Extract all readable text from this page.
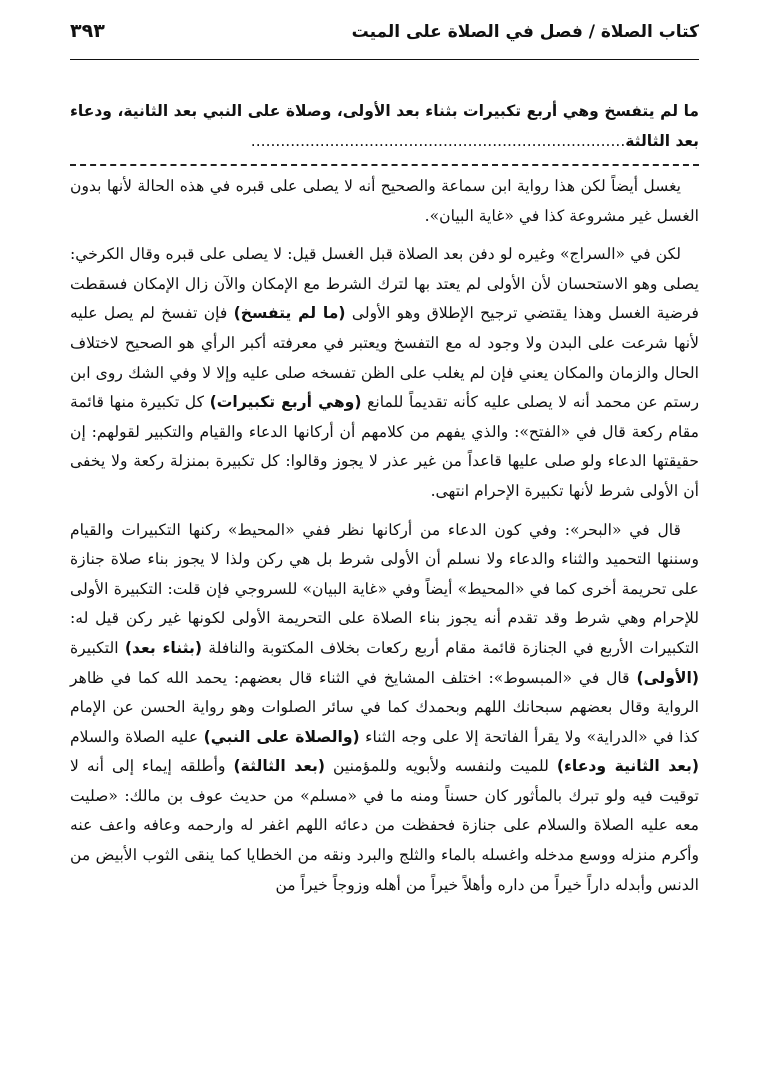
كتاب الصلاة / فصل في الصلاة على الميت
٣٩٣
ما لم يتفسخ وهي أربع تكبيرات بثناء بعد الأولى، وصلاة على النبي بعد الثانية، ودعاء بعد الثالثة............................................................................

يغسل أيضاً لكن هذا رواية ابن سماعة والصحيح أنه لا يصلى على قبره في هذه الحالة لأنها بدون الغسل غير مشروعة كذا في «غاية البيان».

لكن في «السراج» وغيره لو دفن بعد الصلاة قبل الغسل قيل: لا يصلى على قبره وقال الكرخي: يصلى وهو الاستحسان لأن الأولى لم يعتد بها لترك الشرط مع الإمكان والآن زال الإمكان فسقطت فرضية الغسل وهذا يقتضي ترجيح الإطلاق وهو الأولى (ما لم يتفسخ) فإن تفسخ لم يصل عليه لأنها شرعت على البدن ولا وجود له مع التفسخ ويعتبر في معرفته أكبر الرأي هو الصحيح لاختلاف الحال والزمان والمكان يعني فإن لم يغلب على الظن تفسخه صلى عليه وإلا لا وفي الشك روى ابن رستم عن محمد أنه لا يصلى عليه كأنه تقديماً للمانع (وهي أربع تكبيرات) كل تكبيرة منها قائمة مقام ركعة قال في «الفتح»: والذي يفهم من كلامهم أن أركانها الدعاء والقيام والتكبير لقولهم: إن حقيقتها الدعاء ولو صلى عليها قاعداً من غير عذر لا يجوز وقالوا: كل تكبيرة بمنزلة ركعة ولا يخفى أن الأولى شرط لأنها تكبيرة الإحرام انتهى.

قال في «البحر»: وفي كون الدعاء من أركانها نظر ففي «المحيط» ركنها التكبيرات والقيام وسننها التحميد والثناء والدعاء ولا نسلم أن الأولى شرط بل هي ركن ولذا لا يجوز بناء صلاة جنازة على تحريمة أخرى كما في «المحيط» أيضاً وفي «غاية البيان» للسروجي فإن قلت: التكبيرة الأولى للإحرام وهي شرط وقد تقدم أنه يجوز بناء الصلاة على التحريمة الأولى لكونها غير ركن قيل له: التكبيرات الأربع في الجنازة قائمة مقام أربع ركعات بخلاف المكتوبة والنافلة (بثناء بعد) التكبيرة (الأولى) قال في «المبسوط»: اختلف المشايخ في الثناء قال بعضهم: يحمد الله كما في ظاهر الرواية وقال بعضهم سبحانك اللهم وبحمدك كما في سائر الصلوات وهو رواية الحسن عن الإمام كذا في «الدراية» ولا يقرأ الفاتحة إلا على وجه الثناء (والصلاة على النبي) عليه الصلاة والسلام (بعد الثانية ودعاء) للميت ولنفسه ولأبويه وللمؤمنين (بعد الثالثة) وأطلقه إيماء إلى أنه لا توقيت فيه ولو تبرك بالمأثور كان حسناً ومنه ما في «مسلم» من حديث عوف بن مالك: «صليت معه عليه الصلاة والسلام على جنازة فحفظت من دعائه اللهم اغفر له وارحمه وعافه واعف عنه وأكرم منزله ووسع مدخله واغسله بالماء والثلج والبرد ونقه من الخطايا كما ينقى الثوب الأبيض من الدنس وأبدله داراً خيراً من داره وأهلاً خيراً من أهله وزوجاً خيراً من
